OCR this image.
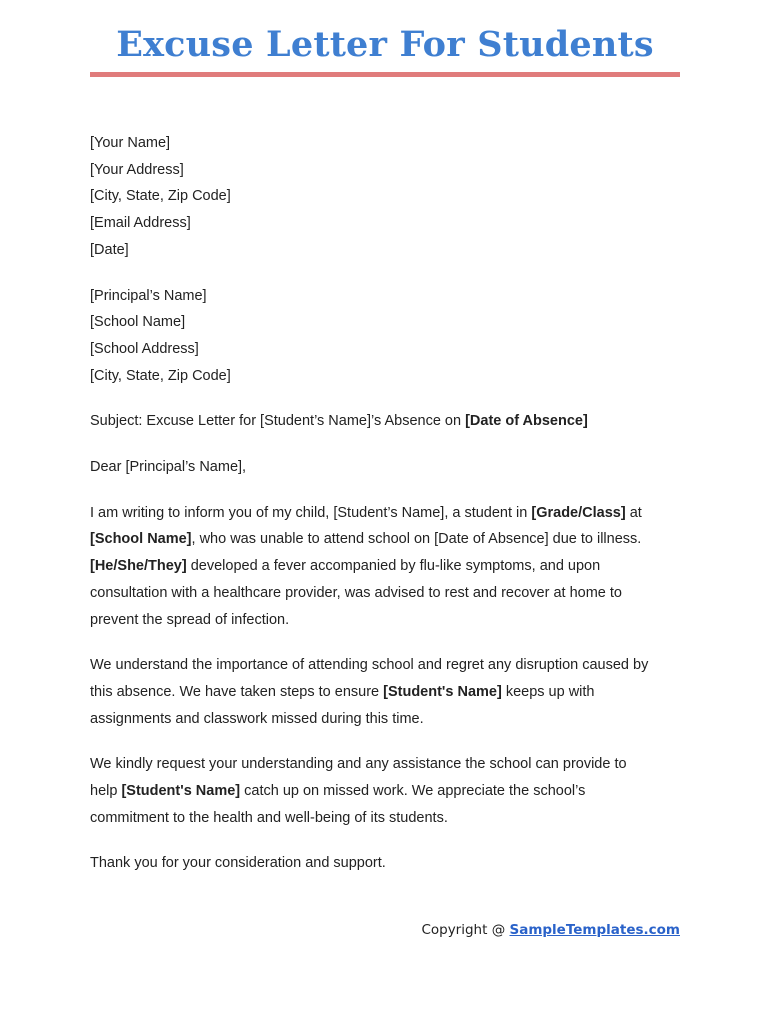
Excuse Letter For Students

[Your Name]
[Your Address]
[City, State, Zip Code]
[Email Address]
[Date]

[Principal’s Name]
[School Name]
[School Address]
[City, State, Zip Code]

Subject: Excuse Letter for [Student’s Name]’s Absence on [Date of Absence]

Dear [Principal’s Name],

I am writing to inform you of my child, [Student’s Name], a student in [Grade/Class] at
[School Name], who was unable to attend school on [Date of Absence] due to illness.
[He/She/They] developed a fever accompanied by flu-like symptoms, and upon
consultation with a healthcare provider, was advised to rest and recover at home to
prevent the spread of infection.

We understand the importance of attending school and regret any disruption caused by
this absence. We have taken steps to ensure [Student's Name] keeps up with
assignments and classwork missed during this time.

We kindly request your understanding and any assistance the school can provide to
help [Student's Name] catch up on missed work. We appreciate the school’s
commitment to the health and well-being of its students.

Thank you for your consideration and support.

Copyright @ SampleTemplates.com
